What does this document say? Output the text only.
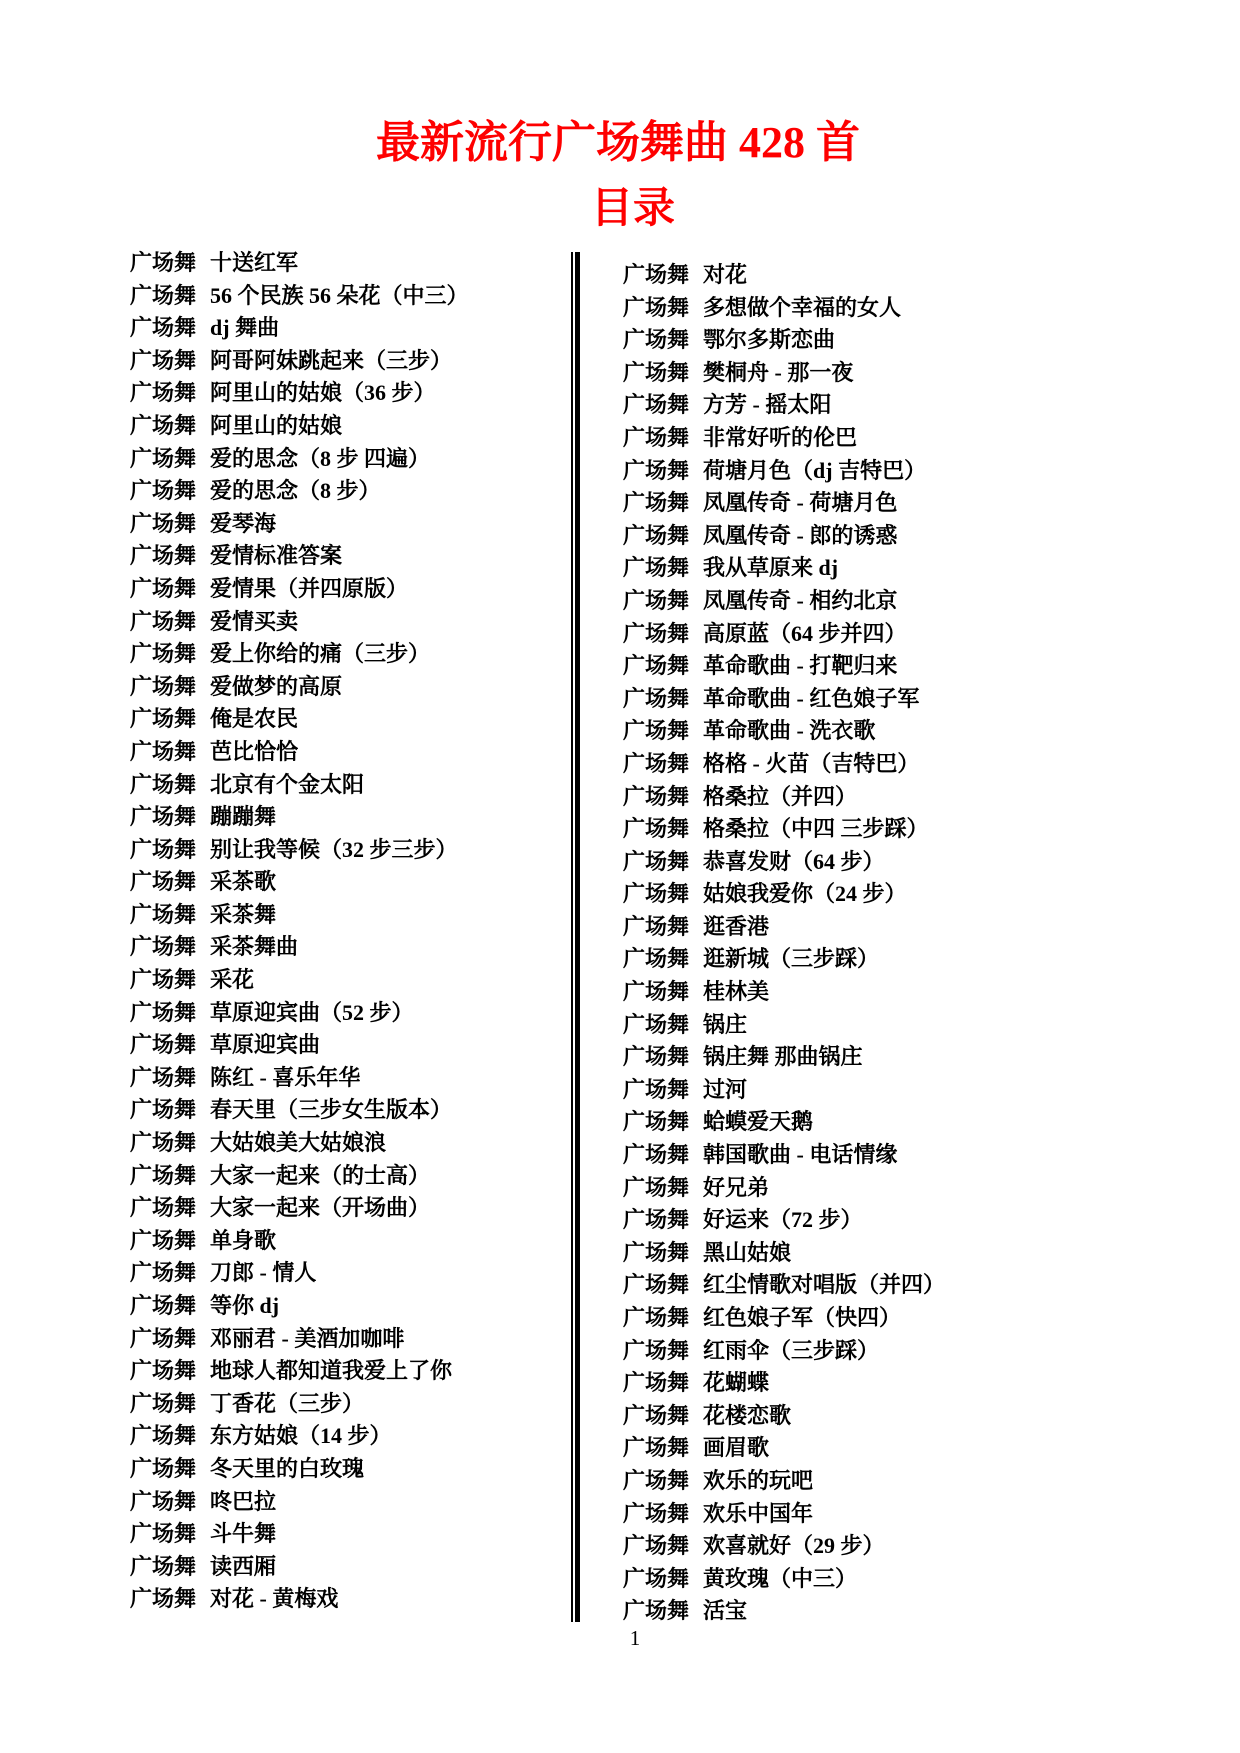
最新流行广场舞曲 428 首
目录
广场舞 十送红军
广场舞 56 个民族 56 朵花（中三）
广场舞 dj 舞曲
广场舞 阿哥阿妹跳起来（三步）
广场舞 阿里山的姑娘（36 步）
广场舞 阿里山的姑娘
广场舞 爱的思念（8 步 四遍）
广场舞 爱的思念（8 步）
广场舞 爱琴海
广场舞 爱情标准答案
广场舞 爱情果（并四原版）
广场舞 爱情买卖
广场舞 爱上你给的痛（三步）
广场舞 爱做梦的高原
广场舞 俺是农民
广场舞 芭比恰恰
广场舞 北京有个金太阳
广场舞 蹦蹦舞
广场舞 别让我等候（32 步三步）
广场舞 采茶歌
广场舞 采茶舞
广场舞 采茶舞曲
广场舞 采花
广场舞 草原迎宾曲（52 步）
广场舞 草原迎宾曲
广场舞 陈红 - 喜乐年华
广场舞 春天里（三步女生版本）
广场舞 大姑娘美大姑娘浪
广场舞 大家一起来（的士高）
广场舞 大家一起来（开场曲）
广场舞 单身歌
广场舞 刀郎 - 情人
广场舞 等你 dj
广场舞 邓丽君 - 美酒加咖啡
广场舞 地球人都知道我爱上了你
广场舞 丁香花（三步）
广场舞 东方姑娘（14 步）
广场舞 冬天里的白玫瑰
广场舞 咚巴拉
广场舞 斗牛舞
广场舞 读西厢
广场舞 对花 - 黄梅戏
广场舞 对花
广场舞 多想做个幸福的女人
广场舞 鄂尔多斯恋曲
广场舞 樊桐舟 - 那一夜
广场舞 方芳 - 摇太阳
广场舞 非常好听的伦巴
广场舞 荷塘月色（dj 吉特巴）
广场舞 凤凰传奇 - 荷塘月色
广场舞 凤凰传奇 - 郎的诱惑
广场舞 我从草原来 dj
广场舞 凤凰传奇 - 相约北京
广场舞 高原蓝（64 步并四）
广场舞 革命歌曲 - 打靶归来
广场舞 革命歌曲 - 红色娘子军
广场舞 革命歌曲 - 洗衣歌
广场舞 格格 - 火苗（吉特巴）
广场舞 格桑拉（并四）
广场舞 格桑拉（中四 三步踩）
广场舞 恭喜发财（64 步）
广场舞 姑娘我爱你（24 步）
广场舞 逛香港
广场舞 逛新城（三步踩）
广场舞 桂林美
广场舞 锅庄
广场舞 锅庄舞 那曲锅庄
广场舞 过河
广场舞 蛤蟆爱天鹅
广场舞 韩国歌曲 - 电话情缘
广场舞 好兄弟
广场舞 好运来（72 步）
广场舞 黑山姑娘
广场舞 红尘情歌对唱版（并四）
广场舞 红色娘子军（快四）
广场舞 红雨伞（三步踩）
广场舞 花蝴蝶
广场舞 花楼恋歌
广场舞 画眉歌
广场舞 欢乐的玩吧
广场舞 欢乐中国年
广场舞 欢喜就好（29 步）
广场舞 黄玫瑰（中三）
广场舞 活宝
1
